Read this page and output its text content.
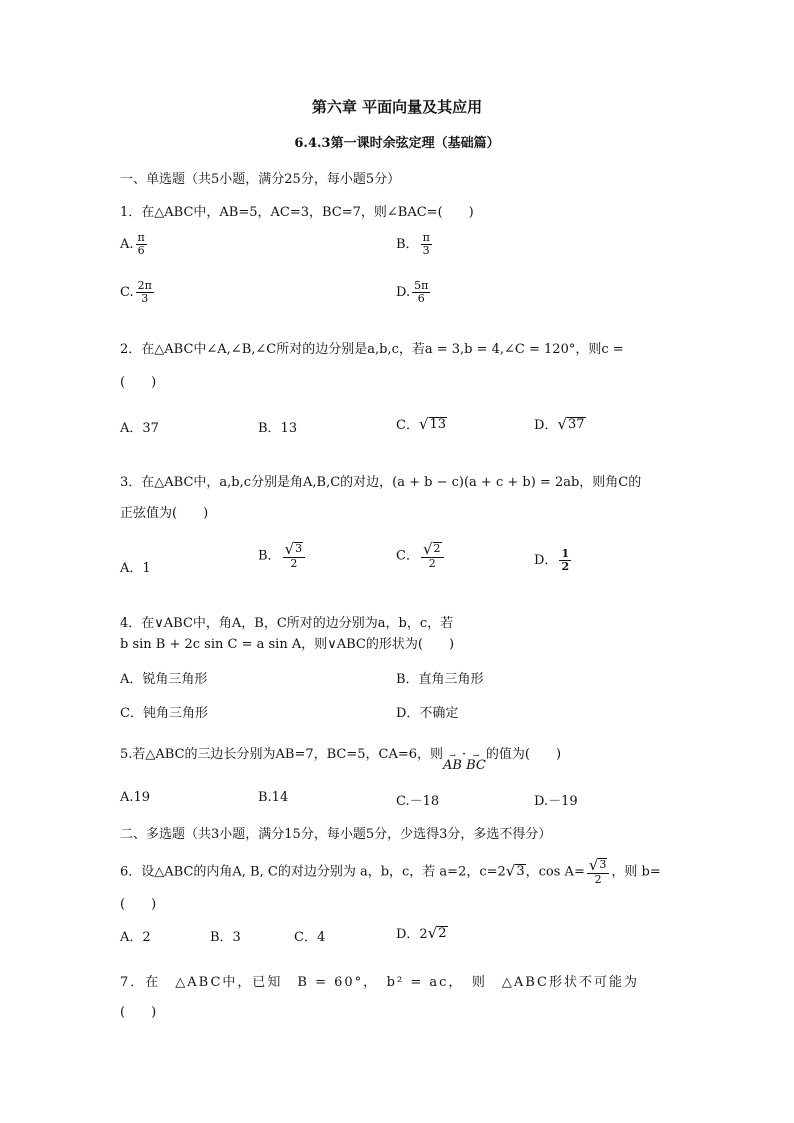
第六章 平面向量及其应用
6.4.3第一课时余弦定理（基础篇）
一、单选题（共5小题，满分25分，每小题5分）
1．在△ABC中，AB=5，AC=3，BC=7，则∠BAC=(　　)
A. $\frac{\pi}{6}$	B． $\frac{\pi}{3}$
C. $\frac{2\pi}{3}$	D. $\frac{5\pi}{6}$
2．在△ABC中∠A,∠B,∠C所对的边分别是a,b,c，若a = 3,b = 4,∠C = 120°，则c =
(　　)
A．37	B．13	C． √ 13	D． √ 37
3．在△ABC中，a,b,c分别是角A,B,C的对边，(a + b − c)(a + c + b) = 2ab，则角C的
正弦值为(　　)
A．1
B． $\frac{√ 3}{2}$	C． $\frac{√ 2}{2}$	D． $\frac{1}{2}$
4．在∨ABC中，角A，B，C所对的边分别为a，b，c，若
b sin B + 2c sin C = a sin A，则∨ABC的形状为(　　)
A．锐角三角形	B．直角三角形
C．钝角三角形	D．不确定
5.若△ABC的三边长分别为AB=7，BC=5，CA=6，则 →
AB
· →
BC
的值为(　　)
A.19	B.14	C.－18	D.－19
二、多选题（共3小题，满分15分，每小题5分，少选得3分，多选不得分）
6．设△ABC的内角A, B, C的对边分别为 a，b，c，若 a=2，c=2 √ 3 ，$\cos A= \frac{√ 3}{2}$ ，则 b=
(　　)
A．2	B．3	C．4	D．2 √ 2
7．在　△ABC中，已知　B = 60°，　b² = ac，　则　△ABC形状不可能为
(　　)
